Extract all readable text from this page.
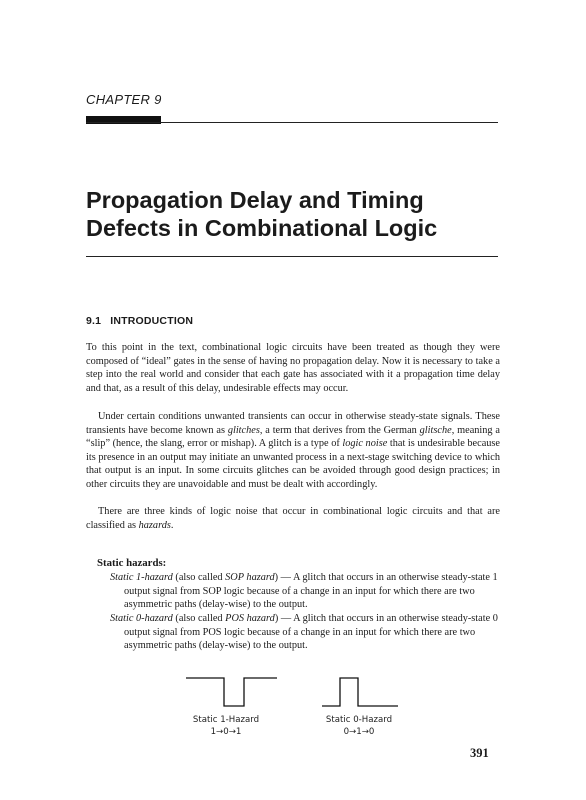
CHAPTER 9
Propagation Delay and Timing
Defects in Combinational Logic
9.1 INTRODUCTION
To this point in the text, combinational logic circuits have been treated as though they were composed of “ideal” gates in the sense of having no propagation delay. Now it is necessary to take a step into the real world and consider that each gate has associated with it a propagation time delay and that, as a result of this delay, undesirable effects may occur.
Under certain conditions unwanted transients can occur in otherwise steady-state signals. These transients have become known as glitches, a term that derives from the German glitsche, meaning a “slip” (hence, the slang, error or mishap). A glitch is a type of logic noise that is undesirable because its presence in an output may initiate an unwanted process in a next-stage switching device to which that output is an input. In some circuits glitches can be avoided through good design practices; in other circuits they are unavoidable and must be dealt with accordingly.
There are three kinds of logic noise that occur in combinational logic circuits and that are classified as hazards.
Static hazards:
Static 1-hazard (also called SOP hazard) — A glitch that occurs in an otherwise steady-state 1 output signal from SOP logic because of a change in an input for which there are two asymmetric paths (delay-wise) to the output.
Static 0-hazard (also called POS hazard) — A glitch that occurs in an otherwise steady-state 0 output signal from POS logic because of a change in an input for which there are two asymmetric paths (delay-wise) to the output.
Static 1-Hazard
1→0→1
Static 0-Hazard
0→1→0
391
